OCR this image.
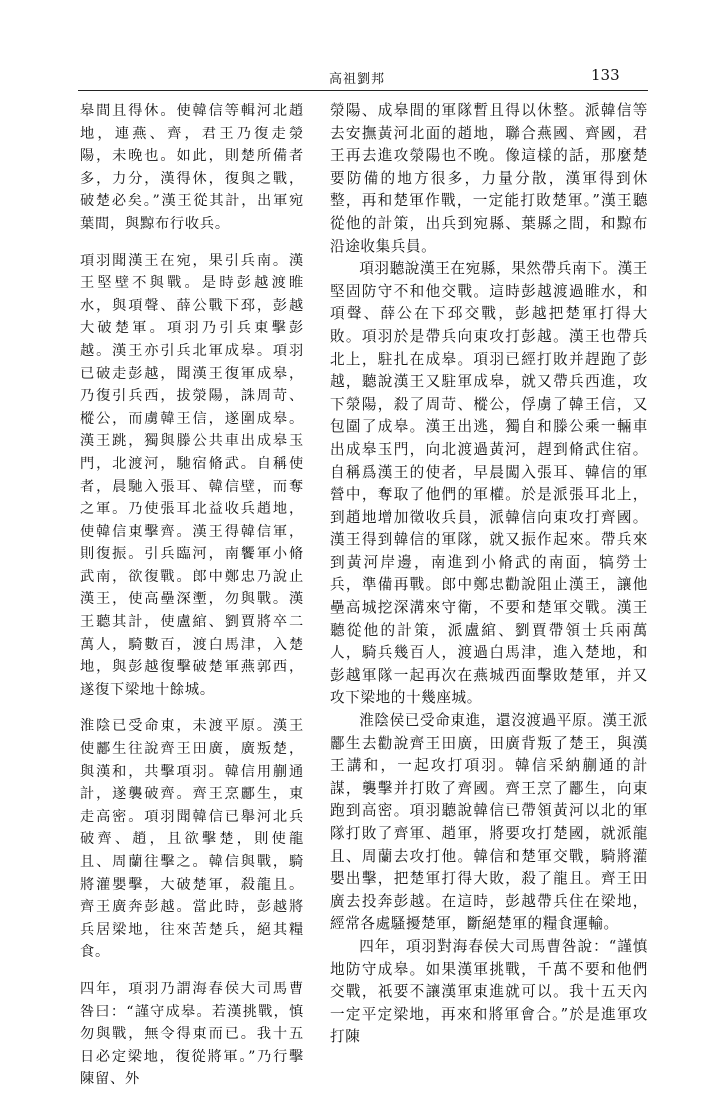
高祖劉邦	133

皋間且得休。使韓信等輯河北趙地，連燕、齊，君王乃復走滎陽，未晚也。如此，則楚所備者多，力分，漢得休，復與之戰，破楚必矣。”漢王從其計，出軍宛葉間，與黥布行收兵。

項羽聞漢王在宛，果引兵南。漢王堅壁不與戰。是時彭越渡睢水，與項聲、薛公戰下邳，彭越大破楚軍。項羽乃引兵東擊彭越。漢王亦引兵北軍成皋。項羽已破走彭越，聞漢王復軍成皋，乃復引兵西，拔滎陽，誅周苛、樅公，而虜韓王信，遂圍成皋。漢王跳，獨與滕公共車出成皋玉門，北渡河，馳宿脩武。自稱使者，晨馳入張耳、韓信壁，而奪之軍。乃使張耳北益收兵趙地，使韓信東擊齊。漢王得韓信軍，則復振。引兵臨河，南饗軍小脩武南，欲復戰。郎中鄭忠乃說止漢王，使高壘深壍，勿與戰。漢王聽其計，使盧綰、劉賈將卒二萬人，騎數百，渡白馬津，入楚地，與彭越復擊破楚軍燕郭西，遂復下梁地十餘城。

淮陰已受命東，未渡平原。漢王使酈生往說齊王田廣，廣叛楚，與漢和，共擊項羽。韓信用蒯通計，遂襲破齊。齊王烹酈生，東走高密。項羽聞韓信已舉河北兵破齊、趙，且欲擊楚，則使龍且、周蘭往擊之。韓信與戰，騎將灌嬰擊，大破楚軍，殺龍且。齊王廣奔彭越。當此時，彭越將兵居梁地，往來苦楚兵，絕其糧食。

四年，項羽乃謂海春侯大司馬曹咎曰：“謹守成皋。若漢挑戰，慎勿與戰，無令得東而已。我十五日必定梁地，復從將軍。”乃行擊陳留、外

滎陽、成皋間的軍隊暫且得以休整。派韓信等去安撫黃河北面的趙地，聯合燕國、齊國，君王再去進攻滎陽也不晚。像這樣的話，那麼楚要防備的地方很多，力量分散，漢軍得到休整，再和楚軍作戰，一定能打敗楚軍。”漢王聽從他的計策，出兵到宛縣、葉縣之間，和黥布沿途收集兵員。

項羽聽說漢王在宛縣，果然帶兵南下。漢王堅固防守不和他交戰。這時彭越渡過睢水，和項聲、薛公在下邳交戰，彭越把楚軍打得大敗。項羽於是帶兵向東攻打彭越。漢王也帶兵北上，駐扎在成皋。項羽已經打敗并趕跑了彭越，聽說漢王又駐軍成皋，就又帶兵西進，攻下滎陽，殺了周苛、樅公，俘虜了韓王信，又包圍了成皋。漢王出逃，獨自和滕公乘一輛車出成皋玉門，向北渡過黃河，趕到脩武住宿。自稱爲漢王的使者，早晨闖入張耳、韓信的軍營中，奪取了他們的軍權。於是派張耳北上，到趙地增加徵收兵員，派韓信向東攻打齊國。漢王得到韓信的軍隊，就又振作起來。帶兵來到黃河岸邊，南進到小脩武的南面，犒勞士兵，準備再戰。郎中鄭忠勸說阻止漢王，讓他壘高城挖深溝來守衛，不要和楚軍交戰。漢王聽從他的計策，派盧綰、劉賈帶領士兵兩萬人，騎兵幾百人，渡過白馬津，進入楚地，和彭越軍隊一起再次在燕城西面擊敗楚軍，并又攻下梁地的十幾座城。

淮陰侯已受命東進，還沒渡過平原。漢王派酈生去勸說齊王田廣，田廣背叛了楚王，與漢王講和，一起攻打項羽。韓信采納蒯通的計謀，襲擊并打敗了齊國。齊王烹了酈生，向東跑到高密。項羽聽說韓信已帶領黃河以北的軍隊打敗了齊軍、趙軍，將要攻打楚國，就派龍且、周蘭去攻打他。韓信和楚軍交戰，騎將灌嬰出擊，把楚軍打得大敗，殺了龍且。齊王田廣去投奔彭越。在這時，彭越帶兵住在梁地，經常各處騷擾楚軍，斷絕楚軍的糧食運輸。

四年，項羽對海春侯大司馬曹咎說：“謹慎地防守成皋。如果漢軍挑戰，千萬不要和他們交戰，祇要不讓漢軍東進就可以。我十五天內一定平定梁地，再來和將軍會合。”於是進軍攻打陳
